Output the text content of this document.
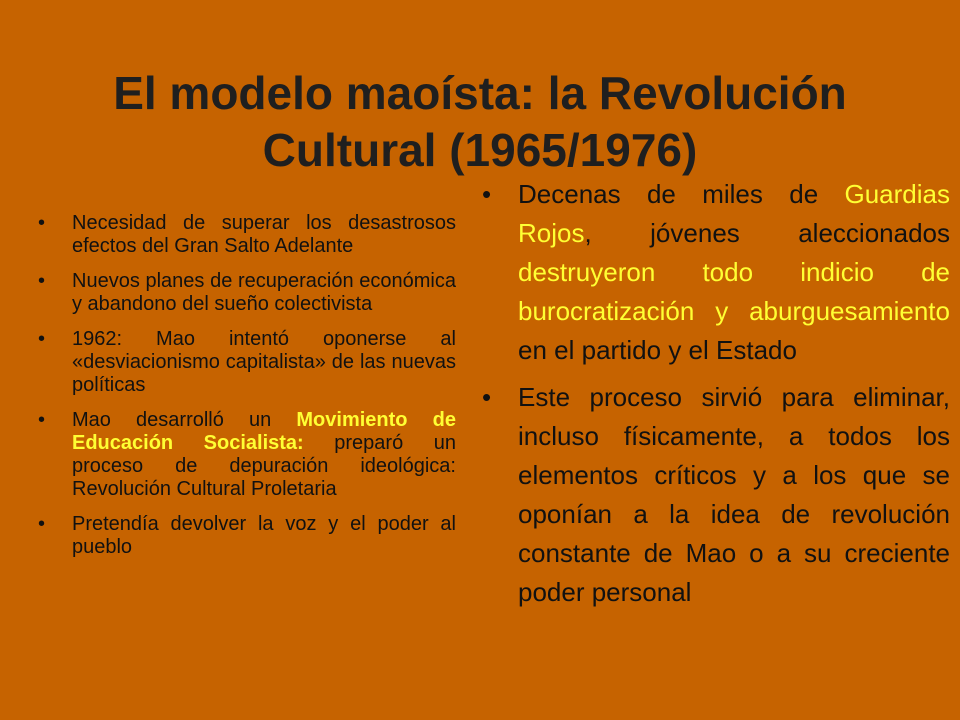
El modelo maoísta: la Revolución
Cultural (1965/1976)
• Necesidad de superar los desastrosos efectos del Gran Salto Adelante
• Nuevos planes de recuperación económica y abandono del sueño colectivista
• 1962: Mao intentó oponerse al «desviacionismo capitalista» de las nuevas políticas
• Mao desarrolló un Movimiento de Educación Socialista: preparó un proceso de depuración ideológica: Revolución Cultural Proletaria
• Pretendía devolver la voz y el poder al pueblo
• Decenas de miles de Guardias Rojos, jóvenes aleccionados destruyeron todo indicio de burocratización y aburguesamiento en el partido y el Estado
• Este proceso sirvió para eliminar, incluso físicamente, a todos los elementos críticos y a los que se oponían a la idea de revolución constante de Mao o a su creciente poder personal
